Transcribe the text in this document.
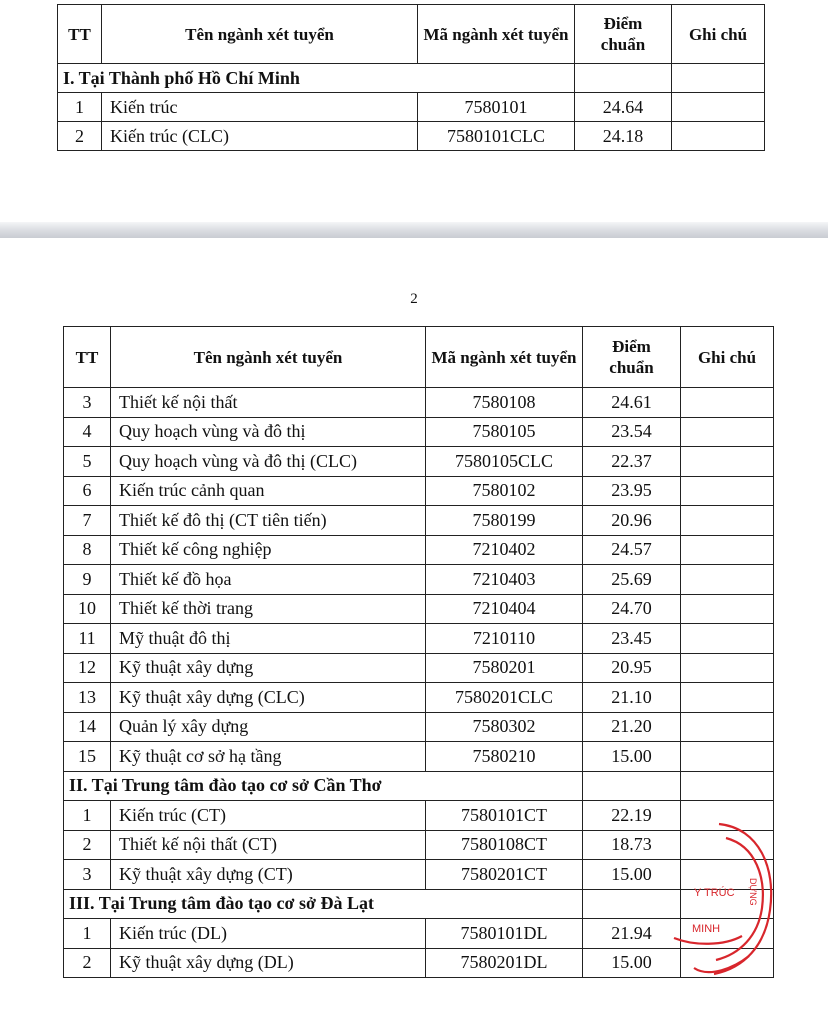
TT	Tên ngành xét tuyển	Mã ngành xét tuyển	Điểm chuẩn	Ghi chú
I. Tại Thành phố Hồ Chí Minh				
1	Kiến trúc	7580101	24.64	
2	Kiến trúc (CLC)	7580101CLC	24.18	
2
TT	Tên ngành xét tuyển	Mã ngành xét tuyển	Điểm chuẩn	Ghi chú
3	Thiết kế nội thất	7580108	24.61	
4	Quy hoạch vùng và đô thị	7580105	23.54	
5	Quy hoạch vùng và đô thị (CLC)	7580105CLC	22.37	
6	Kiến trúc cảnh quan	7580102	23.95	
7	Thiết kế đô thị (CT tiên tiến)	7580199	20.96	
8	Thiết kế công nghiệp	7210402	24.57	
9	Thiết kế đồ họa	7210403	25.69	
10	Thiết kế thời trang	7210404	24.70	
11	Mỹ thuật đô thị	7210110	23.45	
12	Kỹ thuật xây dựng	7580201	20.95	
13	Kỹ thuật xây dựng (CLC)	7580201CLC	21.10	
14	Quản lý xây dựng	7580302	21.20	
15	Kỹ thuật cơ sở hạ tầng	7580210	15.00	
II. Tại Trung tâm đào tạo cơ sở Cần Thơ				
1	Kiến trúc (CT)	7580101CT	22.19	
2	Thiết kế nội thất (CT)	7580108CT	18.73	
3	Kỹ thuật xây dựng (CT)	7580201CT	15.00	
III. Tại Trung tâm đào tạo cơ sở Đà Lạt				
1	Kiến trúc (DL)	7580101DL	21.94	
2	Kỹ thuật xây dựng (DL)	7580201DL	15.00	
Y TRÚC
MINH
DỰNG
